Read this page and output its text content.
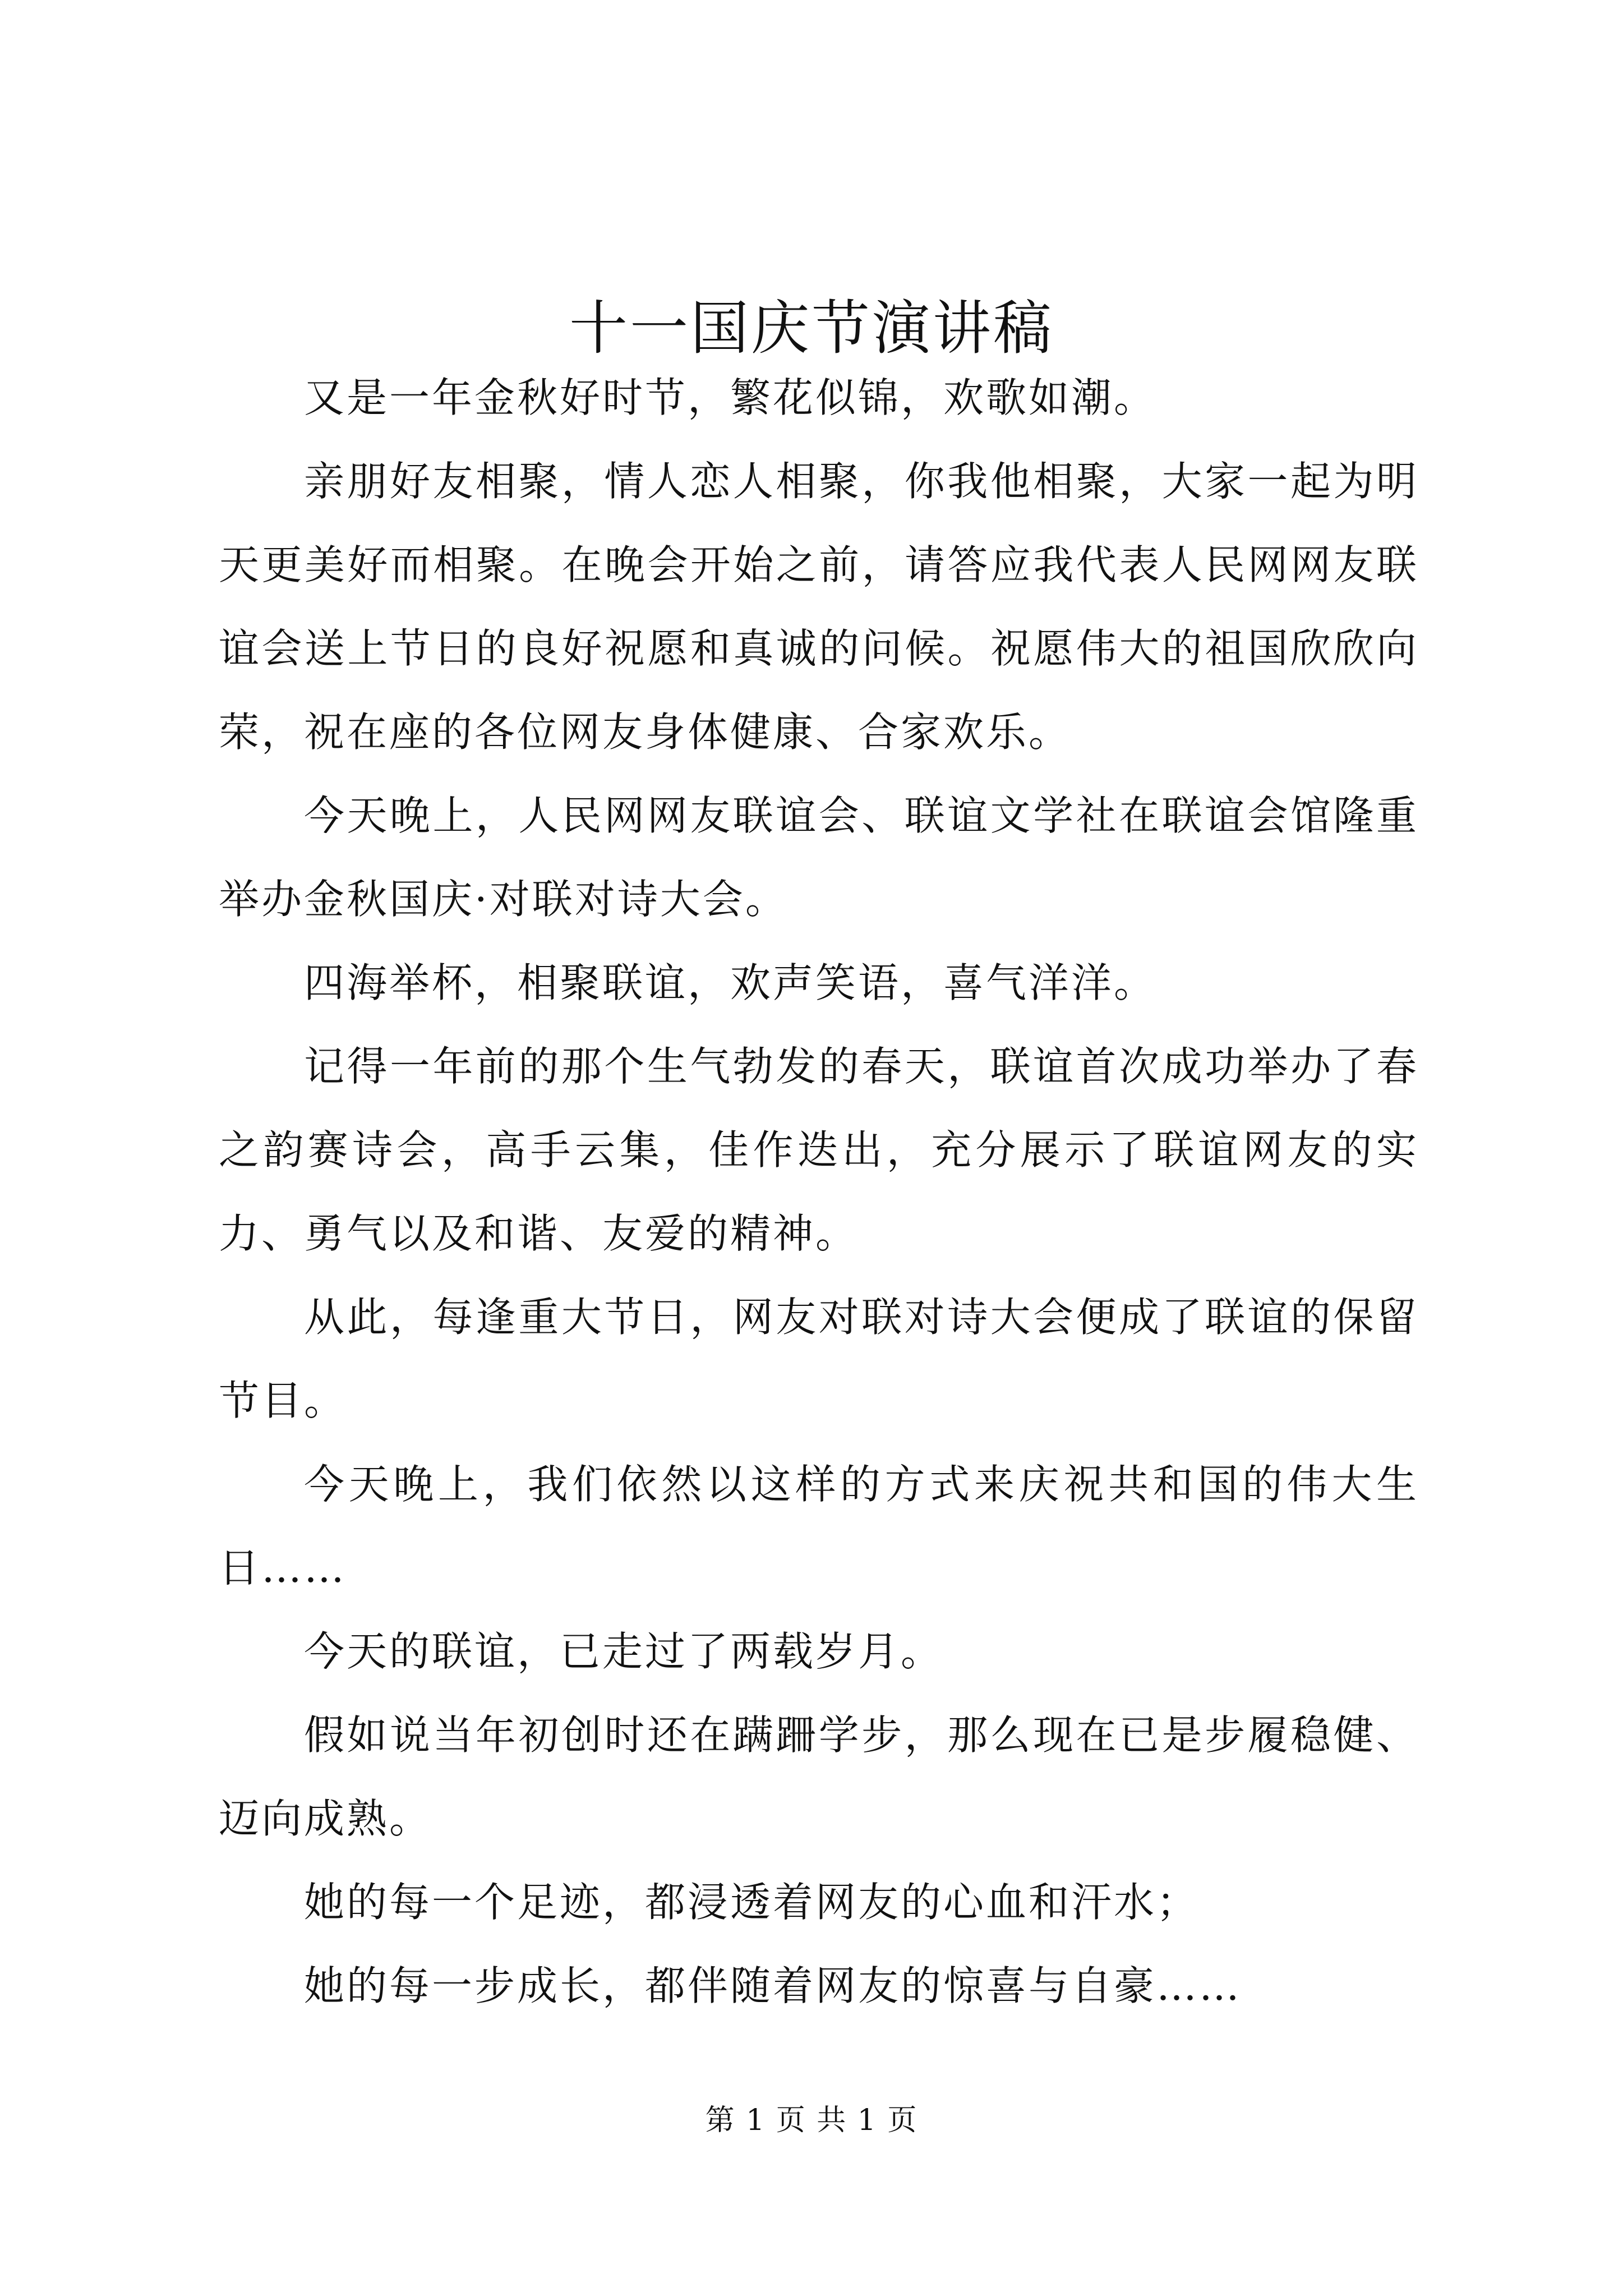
十一国庆节演讲稿

又是一年金秋好时节，繁花似锦，欢歌如潮。

亲朋好友相聚，情人恋人相聚，你我他相聚，大家一起为明天更美好而相聚。在晚会开始之前，请答应我代表人民网网友联谊会送上节日的良好祝愿和真诚的问候。祝愿伟大的祖国欣欣向荣，祝在座的各位网友身体健康、合家欢乐。

今天晚上，人民网网友联谊会、联谊文学社在联谊会馆隆重举办金秋国庆·对联对诗大会。

四海举杯，相聚联谊，欢声笑语，喜气洋洋。

记得一年前的那个生气勃发的春天，联谊首次成功举办了春之韵赛诗会，高手云集，佳作迭出，充分展示了联谊网友的实力、勇气以及和谐、友爱的精神。

从此，每逢重大节日，网友对联对诗大会便成了联谊的保留节目。

今天晚上，我们依然以这样的方式来庆祝共和国的伟大生日……

今天的联谊，已走过了两载岁月。

假如说当年初创时还在蹒跚学步，那么现在已是步履稳健、迈向成熟。

她的每一个足迹，都浸透着网友的心血和汗水；

她的每一步成长，都伴随着网友的惊喜与自豪……

第 1 页 共 1 页
